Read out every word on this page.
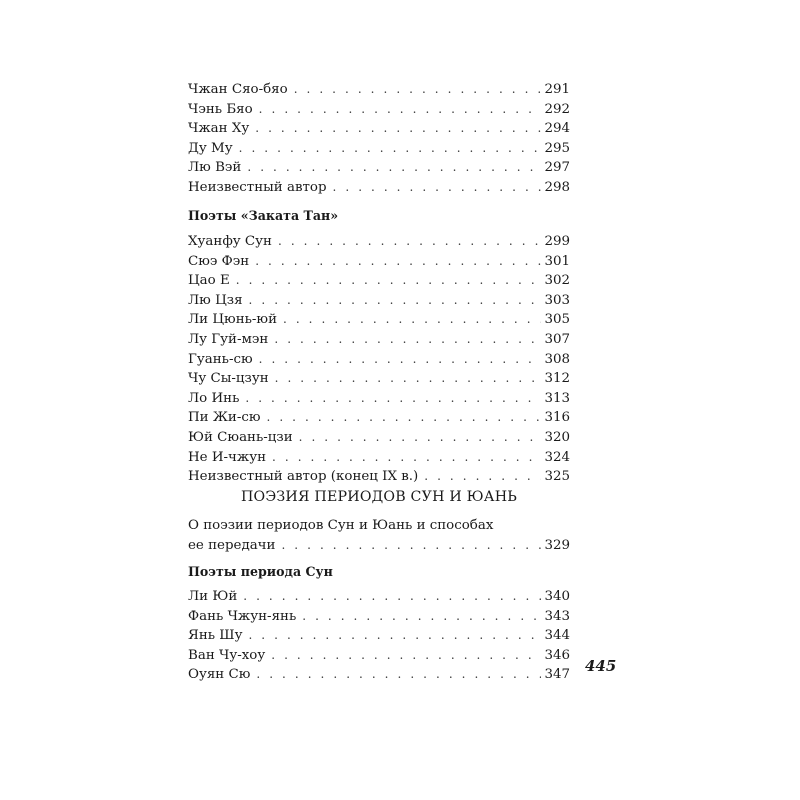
Чжан Сяо-бяо . . .	291
Чэнь Бяо . . .	292
Чжан Ху . . .	294
Ду Му . . .	295
Лю Вэй . . .	297
Неизвестный автор . . .	298
Поэты «Заката Тан»
Хуанфу Сун . . .	299
Сюэ Фэн . . .	301
Цао Е . . .	302
Лю Цзя . . .	303
Ли Цюнь-юй . . .	305
Лу Гуй-мэн . . .	307
Гуань-сю . . .	308
Чу Сы-цзун . . .	312
Ло Инь . . .	313
Пи Жи-сю . . .	316
Юй Сюань-цзи . . .	320
Не И-чжун . . .	324
Неизвестный автор (конец IX в.) . . .	325
ПОЭЗИЯ ПЕРИОДОВ СУН И ЮАНЬ
О поэзии периодов Сун и Юань и способах
ее передачи . . .	329
Поэты периода Сун
Ли Юй . . .	340
Фань Чжун-янь . . .	343
Янь Шу . . .	344
Ван Чу-хоу . . .	346
Оуян Сю . . .	347 445
